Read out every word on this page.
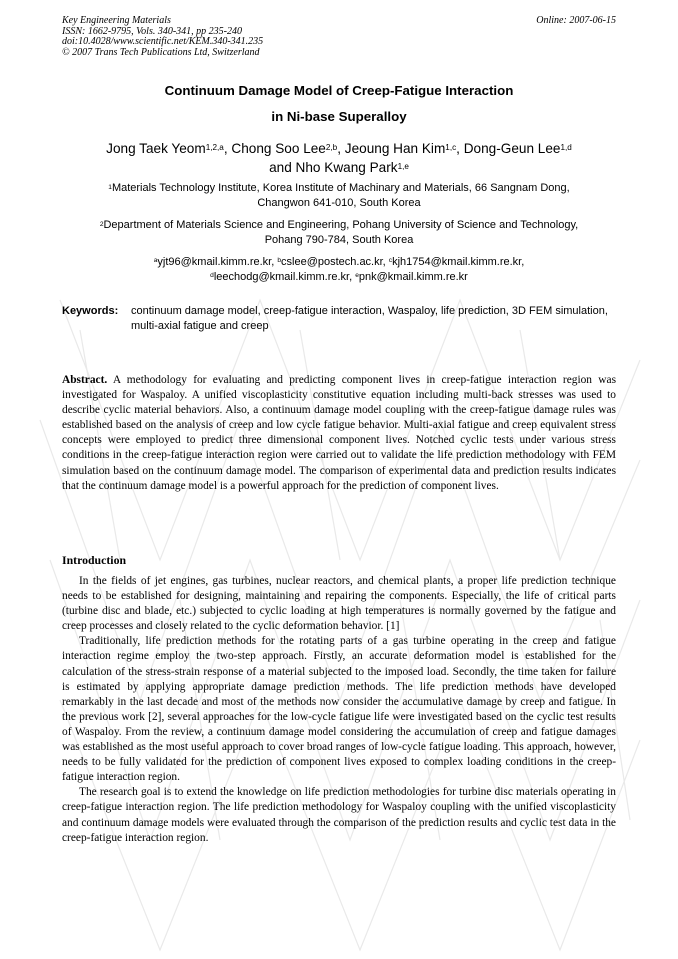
Key Engineering Materials
ISSN: 1662-9795, Vols. 340-341, pp 235-240
doi:10.4028/www.scientific.net/KEM.340-341.235
© 2007 Trans Tech Publications Ltd, Switzerland
Online: 2007-06-15
Continuum Damage Model of Creep-Fatigue Interaction
in Ni-base Superalloy
Jong Taek Yeom$^{1,2,a}$, Chong Soo Lee$^{2,b}$, Jeoung Han Kim$^{1,c}$, Dong-Geun Lee$^{1,d}$
and Nho Kwang Park$^{1,e}$
$^1$Materials Technology Institute, Korea Institute of Machinary and Materials, 66 Sangnam Dong,
Changwon 641-010, South Korea
$^2$Department of Materials Science and Engineering, Pohang University of Science and Technology,
Pohang 790-784, South Korea
$^a$yjt96@kmail.kimm.re.kr, $^b$cslee@postech.ac.kr, $^c$kjh1754@kmail.kimm.re.kr,
$^d$leechodg@kmail.kimm.re.kr, $^e$pnk@kmail.kimm.re.kr
Keywords:	continuum damage model, creep-fatigue interaction, Waspaloy, life prediction, 3D FEM simulation, multi-axial fatigue and creep
Abstract. A methodology for evaluating and predicting component lives in creep-fatigue interaction region was investigated for Waspaloy. A unified viscoplasticity constitutive equation including multi-back stresses was used to describe cyclic material behaviors. Also, a continuum damage model coupling with the creep-fatigue damage rules was established based on the analysis of creep and low cycle fatigue behavior. Multi-axial fatigue and creep equivalent stress concepts were employed to predict three dimensional component lives. Notched cyclic tests under various stress conditions in the creep-fatigue interaction region were carried out to validate the life prediction methodology with FEM simulation based on the continuum damage model. The comparison of experimental data and prediction results indicates that the continuum damage model is a powerful approach for the prediction of component lives.
Introduction

In the fields of jet engines, gas turbines, nuclear reactors, and chemical plants, a proper life prediction technique needs to be established for designing, maintaining and repairing the components. Especially, the life of critical parts (turbine disc and blade, etc.) subjected to cyclic loading at high temperatures is normally governed by the fatigue and creep processes and closely related to the cyclic deformation behavior. [1]

Traditionally, life prediction methods for the rotating parts of a gas turbine operating in the creep and fatigue interaction regime employ the two-step approach. Firstly, an accurate deformation model is established for the calculation of the stress-strain response of a material subjected to the imposed load. Secondly, the time taken for failure is estimated by applying appropriate damage prediction methods. The life prediction methods have developed remarkably in the last decade and most of the methods now consider the accumulative damage by creep and fatigue. In the previous work [2], several approaches for the low-cycle fatigue life were investigated based on the cyclic test results of Waspaloy. From the review, a continuum damage model considering the accumulation of creep and fatigue damages was established as the most useful approach to cover broad ranges of low-cycle fatigue loading. This approach, however, needs to be fully validated for the prediction of component lives exposed to complex loading conditions in the creep-fatigue interaction region.

The research goal is to extend the knowledge on life prediction methodologies for turbine disc materials operating in creep-fatigue interaction region. The life prediction methodology for Waspaloy coupling with the unified viscoplasticity and continuum damage models were evaluated through the comparison of the prediction results and cyclic test data in the creep-fatigue interaction region.
